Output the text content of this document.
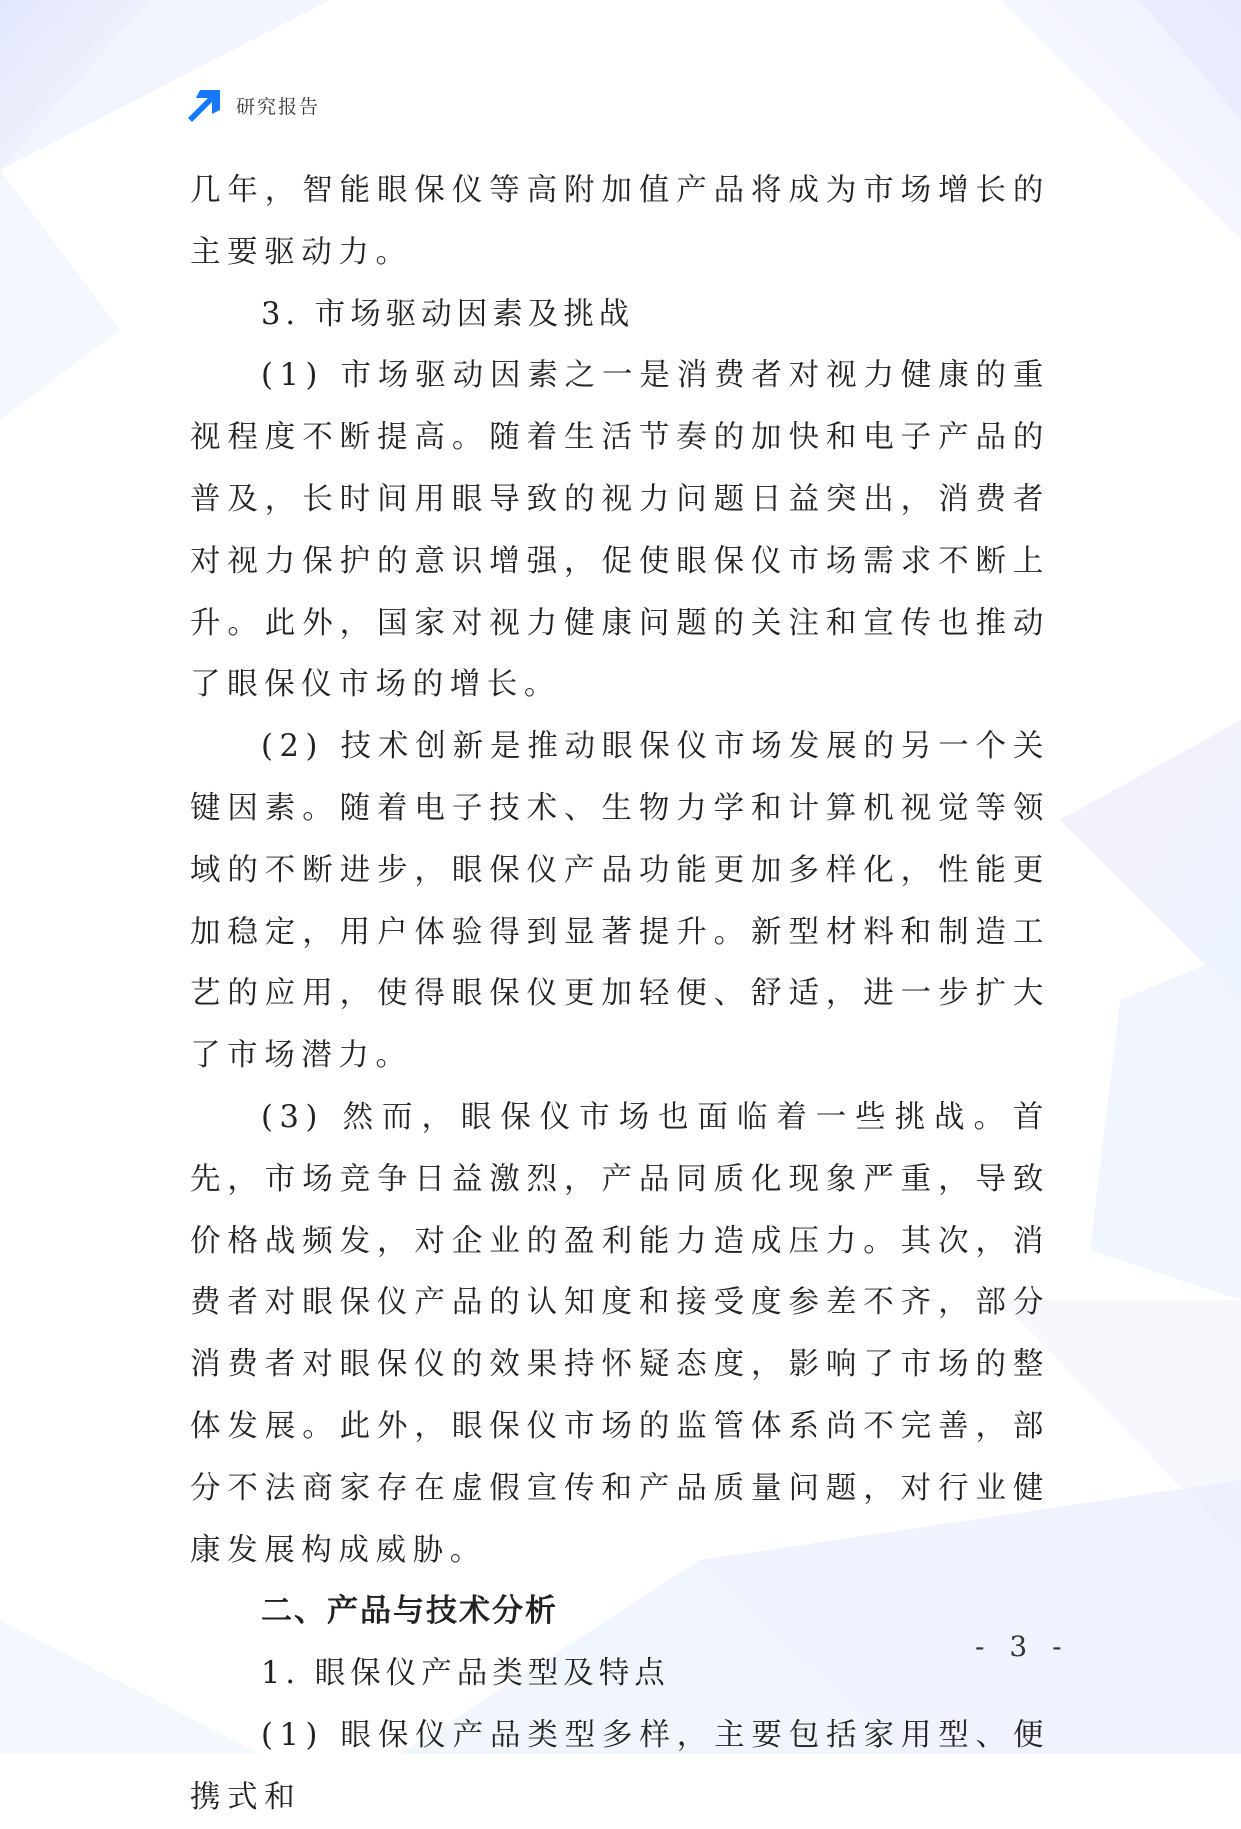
研究报告

几年，智能眼保仪等高附加值产品将成为市场增长的主要驱动力。

3. 市场驱动因素及挑战

(1) 市场驱动因素之一是消费者对视力健康的重视程度不断提高。随着生活节奏的加快和电子产品的普及，长时间用眼导致的视力问题日益突出，消费者对视力保护的意识增强，促使眼保仪市场需求不断上升。此外，国家对视力健康问题的关注和宣传也推动了眼保仪市场的增长。

(2) 技术创新是推动眼保仪市场发展的另一个关键因素。随着电子技术、生物力学和计算机视觉等领域的不断进步，眼保仪产品功能更加多样化，性能更加稳定，用户体验得到显著提升。新型材料和制造工艺的应用，使得眼保仪更加轻便、舒适，进一步扩大了市场潜力。

(3) 然而，眼保仪市场也面临着一些挑战。首先，市场竞争日益激烈，产品同质化现象严重，导致价格战频发，对企业的盈利能力造成压力。其次，消费者对眼保仪产品的认知度和接受度参差不齐，部分消费者对眼保仪的效果持怀疑态度，影响了市场的整体发展。此外，眼保仪市场的监管体系尚不完善，部分不法商家存在虚假宣传和产品质量问题，对行业健康发展构成威胁。

二、产品与技术分析

1. 眼保仪产品类型及特点

(1) 眼保仪产品类型多样，主要包括家用型、便携式和

- 3 -
